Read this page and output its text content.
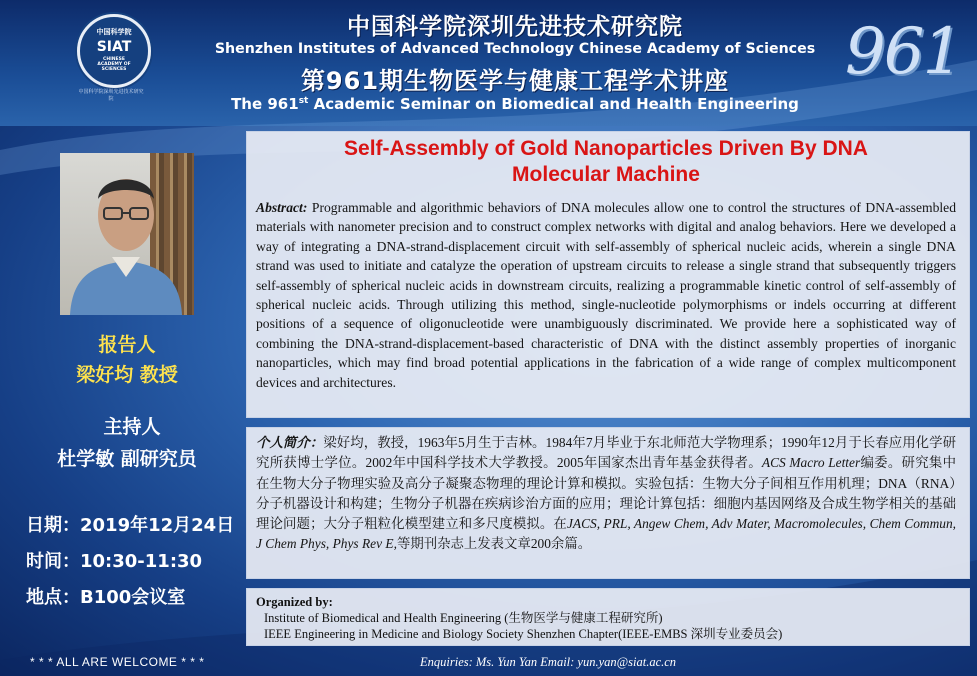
中国科学院
SIAT
CHINESE
ACADEMY OF
SCIENCES
中国科学院深圳先进技术研究院
中国科学院深圳先进技术研究院
Shenzhen Institutes of Advanced Technology Chinese Academy of Sciences
第961期生物医学与健康工程学术讲座
The 961st Academic Seminar on Biomedical and Health Engineering
961
报告人
梁好均 教授
主持人
杜学敏 副研究员
日期：2019年12月24日
时间：10:30-11:30
地点：B100会议室
Self-Assembly of Gold Nanoparticles Driven By DNA
Molecular Machine
Abstract: Programmable and algorithmic behaviors of DNA molecules allow one to control the structures of DNA-assembled materials with nanometer precision and to construct complex networks with digital and analog behaviors. Here we developed a way of integrating a DNA-strand-displacement circuit with self-assembly of spherical nucleic acids, wherein a single DNA strand was used to initiate and catalyze the operation of upstream circuits to release a single strand that subsequently triggers self-assembly of spherical nucleic acids in downstream circuits, realizing a programmable kinetic control of self-assembly of spherical nucleic acids. Through utilizing this method, single-nucleotide polymorphisms or indels occurring at different positions of a sequence of oligonucleotide were unambiguously discriminated. We provide here a sophisticated way of combining the DNA-strand-displacement-based characteristic of DNA with the distinct assembly properties of inorganic nanoparticles, which may find broad potential applications in the fabrication of a wide range of complex multicomponent devices and architectures.
个人简介：梁好均，教授，1963年5月生于吉林。1984年7月毕业于东北师范大学物理系；1990年12月于长春应用化学研究所获博士学位。2002年中国科学技术大学教授。2005年国家杰出青年基金获得者。ACS Macro Letter编委。研究集中在生物大分子物理实验及高分子凝聚态物理的理论计算和模拟。实验包括：生物大分子间相互作用机理；DNA（RNA）分子机器设计和构建；生物分子机器在疾病诊治方面的应用；理论计算包括：细胞内基因网络及合成生物学相关的基础理论问题；大分子粗粒化模型建立和多尺度模拟。在JACS, PRL, Angew Chem, Adv Mater, Macromolecules, Chem Commun, J Chem Phys, Phys Rev E,等期刊杂志上发表文章200余篇。
Organized by:
Institute of Biomedical and Health Engineering (生物医学与健康工程研究所)
IEEE Engineering in Medicine and Biology Society Shenzhen Chapter(IEEE-EMBS 深圳专业委员会)
* * * ALL ARE WELCOME * * *	Enquiries: Ms. Yun Yan Email: yun.yan@siat.ac.cn
